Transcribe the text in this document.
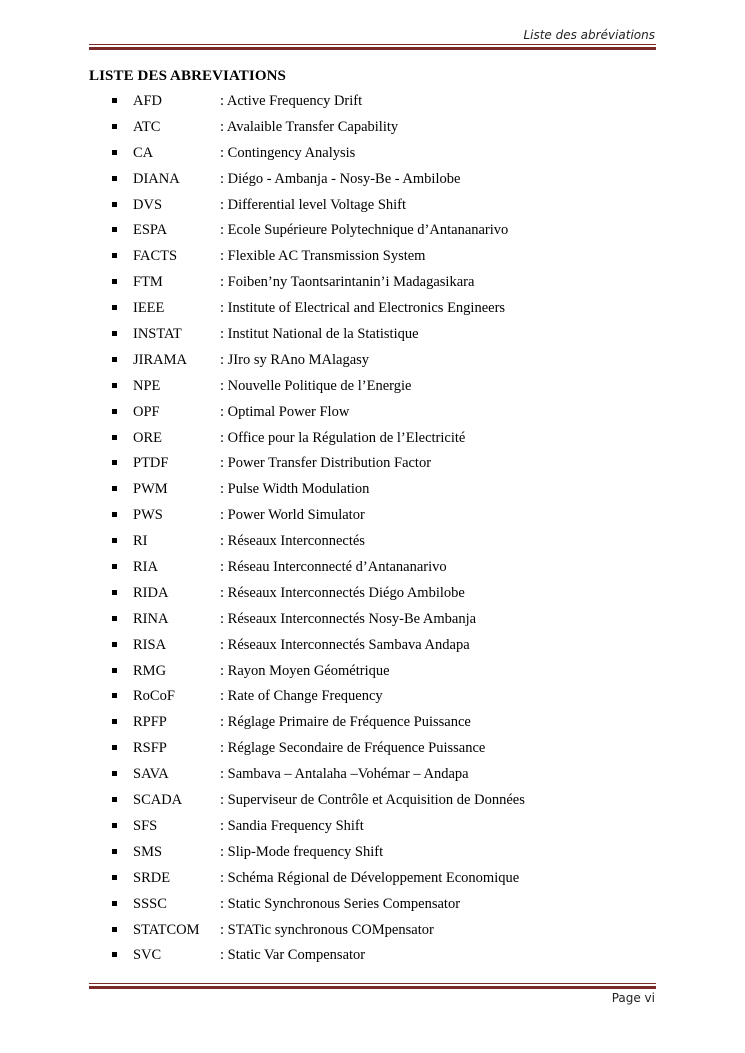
Liste des abréviations
LISTE DES ABREVIATIONS
AFD	: Active Frequency Drift
ATC	: Avalaible Transfer Capability
CA	: Contingency Analysis
DIANA	: Diégo - Ambanja - Nosy-Be - Ambilobe
DVS	: Differential level Voltage Shift
ESPA	: Ecole Supérieure Polytechnique d’Antananarivo
FACTS	: Flexible AC Transmission System
FTM	: Foiben’ny Taontsarintanin’i Madagasikara
IEEE	: Institute of Electrical and Electronics Engineers
INSTAT	: Institut National de la Statistique
JIRAMA : JIro sy RAno MAlagasy
NPE	: Nouvelle Politique de l’Energie
OPF	: Optimal Power Flow
ORE	: Office pour la Régulation de l’Electricité
PTDF	: Power Transfer Distribution Factor
PWM	: Pulse Width Modulation
PWS	: Power World Simulator
RI	: Réseaux Interconnectés
RIA	: Réseau Interconnecté d’Antananarivo
RIDA	: Réseaux Interconnectés Diégo Ambilobe
RINA	: Réseaux Interconnectés Nosy-Be Ambanja
RISA	: Réseaux Interconnectés Sambava Andapa
RMG	: Rayon Moyen Géométrique
RoCoF	: Rate of Change Frequency
RPFP	: Réglage Primaire de Fréquence Puissance
RSFP	: Réglage Secondaire de Fréquence Puissance
SAVA	: Sambava – Antalaha –Vohémar – Andapa
SCADA	: Superviseur de Contrôle et Acquisition de Données
SFS	: Sandia Frequency Shift
SMS	: Slip-Mode frequency Shift
SRDE	: Schéma Régional de Développement Economique
SSSC	: Static Synchronous Series Compensator
STATCOM : STATic synchronous COMpensator
SVC	: Static Var Compensator
Page vi
